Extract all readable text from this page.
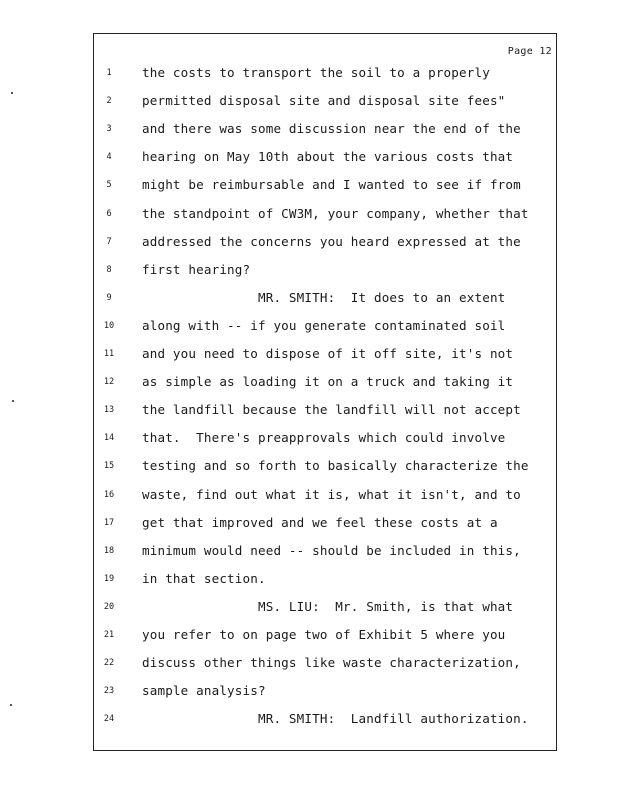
Page 12
1	the costs to transport the soil to a properly
2	permitted disposal site and disposal site fees"
3	and there was some discussion near the end of the
4	hearing on May 10th about the various costs that
5	might be reimbursable and I wanted to see if from
6	the standpoint of CW3M, your company, whether that
7	addressed the concerns you heard expressed at the
8	first hearing?
9	MR. SMITH:  It does to an extent
10	along with -- if you generate contaminated soil
11	and you need to dispose of it off site, it's not
12	as simple as loading it on a truck and taking it
13	the landfill because the landfill will not accept
14	that.  There's preapprovals which could involve
15	testing and so forth to basically characterize the
16	waste, find out what it is, what it isn't, and to
17	get that improved and we feel these costs at a
18	minimum would need -- should be included in this,
19	in that section.
20	MS. LIU:  Mr. Smith, is that what
21	you refer to on page two of Exhibit 5 where you
22	discuss other things like waste characterization,
23	sample analysis?
24	MR. SMITH:  Landfill authorization.
